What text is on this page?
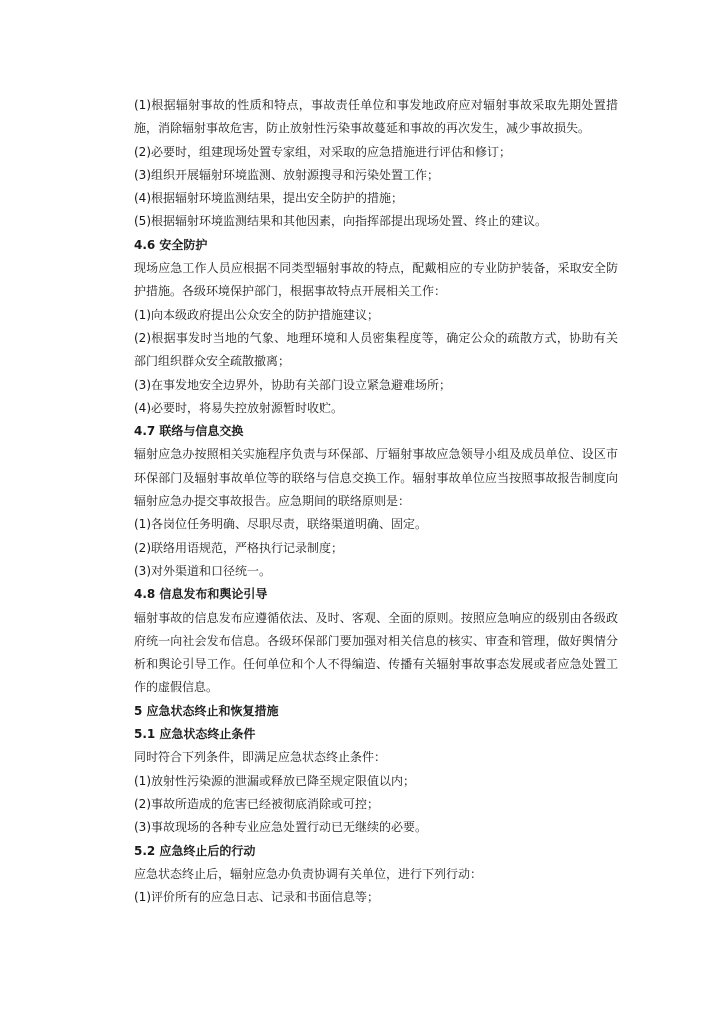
(1)根据辐射事故的性质和特点，事故责任单位和事发地政府应对辐射事故采取先期处置措施，消除辐射事故危害，防止放射性污染事故蔓延和事故的再次发生，减少事故损失。
(2)必要时，组建现场处置专家组，对采取的应急措施进行评估和修订；
(3)组织开展辐射环境监测、放射源搜寻和污染处置工作；
(4)根据辐射环境监测结果，提出安全防护的措施；
(5)根据辐射环境监测结果和其他因素，向指挥部提出现场处置、终止的建议。
4.6 安全防护
现场应急工作人员应根据不同类型辐射事故的特点，配戴相应的专业防护装备，采取安全防护措施。各级环境保护部门，根据事故特点开展相关工作：
(1)向本级政府提出公众安全的防护措施建议；
(2)根据事发时当地的气象、地理环境和人员密集程度等，确定公众的疏散方式，协助有关部门组织群众安全疏散撤离；
(3)在事发地安全边界外，协助有关部门设立紧急避难场所；
(4)必要时，将易失控放射源暂时收贮。
4.7 联络与信息交换
辐射应急办按照相关实施程序负责与环保部、厅辐射事故应急领导小组及成员单位、设区市环保部门及辐射事故单位等的联络与信息交换工作。辐射事故单位应当按照事故报告制度向辐射应急办提交事故报告。应急期间的联络原则是：
(1)各岗位任务明确、尽职尽责，联络渠道明确、固定。
(2)联络用语规范，严格执行记录制度；
(3)对外渠道和口径统一。
4.8 信息发布和舆论引导
辐射事故的信息发布应遵循依法、及时、客观、全面的原则。按照应急响应的级别由各级政府统一向社会发布信息。各级环保部门要加强对相关信息的核实、审查和管理，做好舆情分析和舆论引导工作。任何单位和个人不得编造、传播有关辐射事故事态发展或者应急处置工作的虚假信息。
5 应急状态终止和恢复措施
5.1 应急状态终止条件
同时符合下列条件，即满足应急状态终止条件：
(1)放射性污染源的泄漏或释放已降至规定限值以内；
(2)事故所造成的危害已经被彻底消除或可控；
(3)事故现场的各种专业应急处置行动已无继续的必要。
5.2 应急终止后的行动
应急状态终止后，辐射应急办负责协调有关单位，进行下列行动：
(1)评价所有的应急日志、记录和书面信息等；
